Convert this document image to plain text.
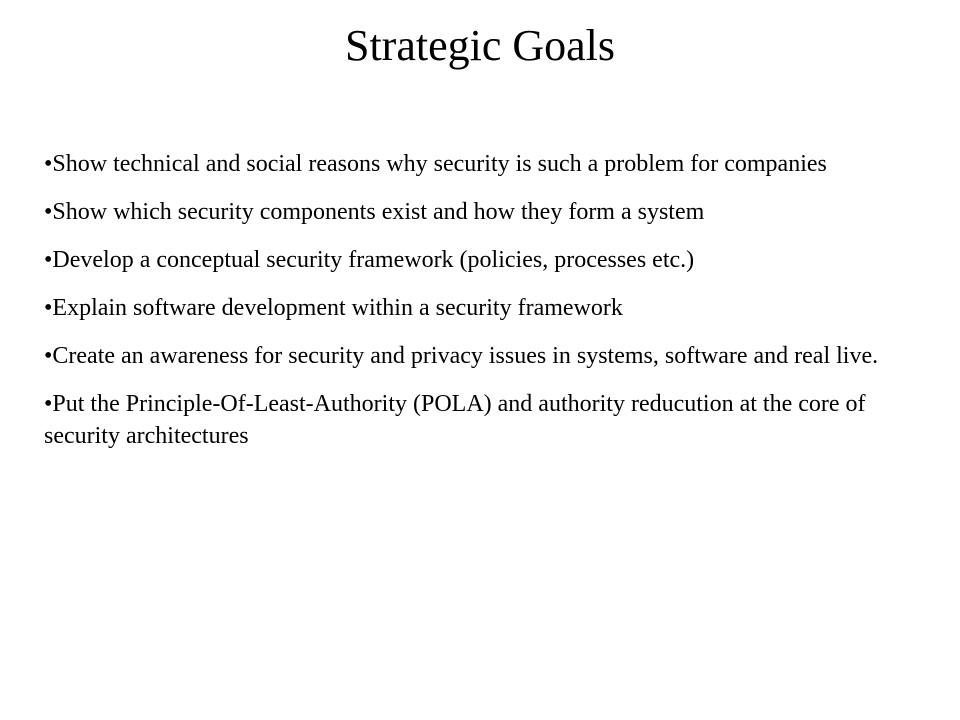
Strategic Goals
•Show technical and social reasons why security is such a problem for companies
•Show which security components exist and how they form a system
•Develop a conceptual security framework (policies, processes etc.)
•Explain software development within a security framework
•Create an awareness for security and privacy issues in systems, software and real live.
•Put the Principle-Of-Least-Authority (POLA) and authority reducution at the core of security architectures
